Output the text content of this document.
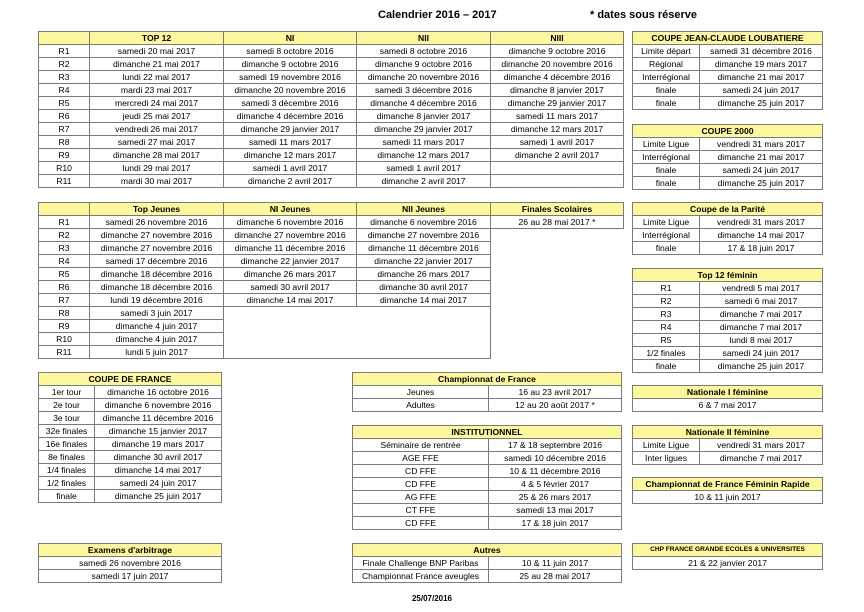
Calendrier 2016 – 2017	* dates sous réserve
	TOP 12	NI	NII	NIII
R1	samedi 20 mai 2017	samedi 8 octobre 2016	samedi 8 octobre 2016	dimanche 9 octobre 2016
R2	dimanche 21 mai 2017	dimanche 9 octobre 2016	dimanche 9 octobre 2016	dimanche 20 novembre 2016
R3	lundi 22 mai 2017	samedi 19 novembre 2016	dimanche 20 novembre 2016	dimanche 4 décembre 2016
R4	mardi 23 mai 2017	dimanche 20 novembre 2016	samedi 3 décembre 2016	dimanche 8 janvier 2017
R5	mercredi 24 mai 2017	samedi 3 décembre 2016	dimanche 4 décembre 2016	dimanche 29 janvier 2017
R6	jeudi 25 mai 2017	dimanche 4 décembre 2016	dimanche 8 janvier 2017	samedi 11 mars 2017
R7	vendredi 26 mai 2017	dimanche 29 janvier 2017	dimanche 29 janvier 2017	dimanche 12 mars 2017
R8	samedi 27 mai 2017	samedi 11 mars 2017	samedi 11 mars 2017	samedi 1 avril 2017
R9	dimanche 28 mai 2017	dimanche 12 mars 2017	dimanche 12 mars 2017	dimanche 2 avril 2017
R10	lundi 29 mai 2017	samedi 1 avril 2017	samedi 1 avril 2017	
R11	mardi 30 mai 2017	dimanche 2 avril 2017	dimanche 2 avril 2017	
	Top Jeunes	NI Jeunes	NII Jeunes
R1	samedi 26 novembre 2016	dimanche 6 novembre 2016	dimanche 6 novembre 2016
R2	dimanche 27 novembre 2016	dimanche 27 novembre 2016	dimanche 27 novembre 2016
R3	dimanche 27 novembre 2016	dimanche 11 décembre 2016	dimanche 11 décembre 2016
R4	samedi 17 décembre 2016	dimanche 22 janvier 2017	dimanche 22 janvier 2017
R5	dimanche 18 décembre 2016	dimanche 26 mars 2017	dimanche 26 mars 2017
R6	dimanche 18 décembre 2016	samedi 30 avril 2017	dimanche 30 avril 2017
R7	lundi 19 décembre 2016	dimanche 14 mai 2017	dimanche 14 mai 2017
R8	samedi 3 juin 2017		
R9	dimanche 4 juin 2017		
R10	dimanche 4 juin 2017		
R11	lundi 5 juin 2017		
Finales Scolaires
26 au 28 mai 2017 *
COUPE JEAN-CLAUDE LOUBATIERE	
Limite départ	samedi 31 décembre 2016
Régional	dimanche 19 mars 2017
Interrégional	dimanche 21 mai 2017
finale	samedi 24 juin 2017
finale	dimanche 25 juin 2017
COUPE 2000	
Limite Ligue	vendredi 31 mars 2017
Interrégional	dimanche 21 mai 2017
finale	samedi 24 juin 2017
finale	dimanche 25 juin 2017
Coupe de la Parité	
Limite Ligue	vendredi 31 mars 2017
Interrégional	dimanche 14 mai 2017
finale	17 & 18 juin 2017
Top 12 féminin	
R1	vendredi 5 mai 2017
R2	samedi 6 mai 2017
R3	dimanche 7 mai 2017
R4	dimanche 7 mai 2017
R5	lundi 8 mai 2017
1/2 finales	samedi 24 juin 2017
finale	dimanche 25 juin 2017
Nationale I féminine
6 & 7 mai 2017
Nationale II féminine	
Limite Ligue	vendredi 31 mars 2017
Inter ligues	dimanche 7 mai 2017
Championnat de France Féminin Rapide
10 & 11 juin 2017
CHP FRANCE GRANDE ECOLES & UNIVERSITES
21 & 22 janvier 2017
COUPE DE FRANCE	
1er tour	dimanche 16 octobre 2016
2e tour	dimanche 6 novembre 2016
3e tour	dimanche 11 décembre 2016
32e finales	dimanche 15 janvier 2017
16e finales	dimanche 19 mars 2017
8e finales	dimanche 30 avril 2017
1/4 finales	dimanche 14 mai 2017
1/2 finales	samedi 24 juin 2017
finale	dimanche 25 juin 2017
Championnat de France	
Jeunes	16 au 23 avril 2017
Adultes	12 au 20 août 2017 *
INSTITUTIONNEL	
Séminaire de rentrée	17 & 18 septembre 2016
AGE FFE	samedi 10 décembre 2016
CD FFE	10 & 11 décembre 2016
CD FFE	4 & 5 février 2017
AG FFE	25 & 26 mars 2017
CT FFE	samedi 13 mai 2017
CD FFE	17 & 18 juin 2017
Examens d'arbitrage
samedi 26 novembre 2016
samedi 17 juin 2017
Autres	
Finale Challenge BNP Paribas	10 & 11 juin 2017
Championnat France aveugles	25 au 28 mai 2017
25/07/2016
